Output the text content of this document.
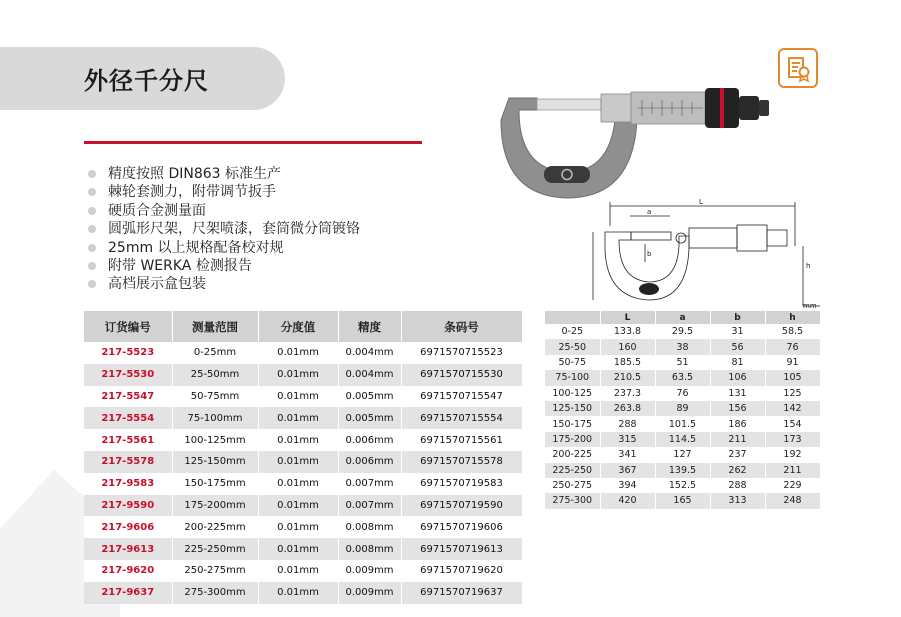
外径千分尺
精度按照 DIN863 标准生产
棘轮套测力，附带调节扳手
硬质合金测量面
圆弧形尺架，尺架喷漆，套筒微分筒镀铬
25mm 以上规格配备校对规
附带 WERKA 检测报告
高档展示盒包装
L
a
b
h
mm
订货编号	测量范围	分度值	精度	条码号
217-5523	0-25mm	0.01mm	0.004mm	6971570715523
217-5530	25-50mm	0.01mm	0.004mm	6971570715530
217-5547	50-75mm	0.01mm	0.005mm	6971570715547
217-5554	75-100mm	0.01mm	0.005mm	6971570715554
217-5561	100-125mm	0.01mm	0.006mm	6971570715561
217-5578	125-150mm	0.01mm	0.006mm	6971570715578
217-9583	150-175mm	0.01mm	0.007mm	6971570719583
217-9590	175-200mm	0.01mm	0.007mm	6971570719590
217-9606	200-225mm	0.01mm	0.008mm	6971570719606
217-9613	225-250mm	0.01mm	0.008mm	6971570719613
217-9620	250-275mm	0.01mm	0.009mm	6971570719620
217-9637	275-300mm	0.01mm	0.009mm	6971570719637
	L	a	b	h
0-25	133.8	29.5	31	58.5
25-50	160	38	56	76
50-75	185.5	51	81	91
75-100	210.5	63.5	106	105
100-125	237.3	76	131	125
125-150	263.8	89	156	142
150-175	288	101.5	186	154
175-200	315	114.5	211	173
200-225	341	127	237	192
225-250	367	139.5	262	211
250-275	394	152.5	288	229
275-300	420	165	313	248
